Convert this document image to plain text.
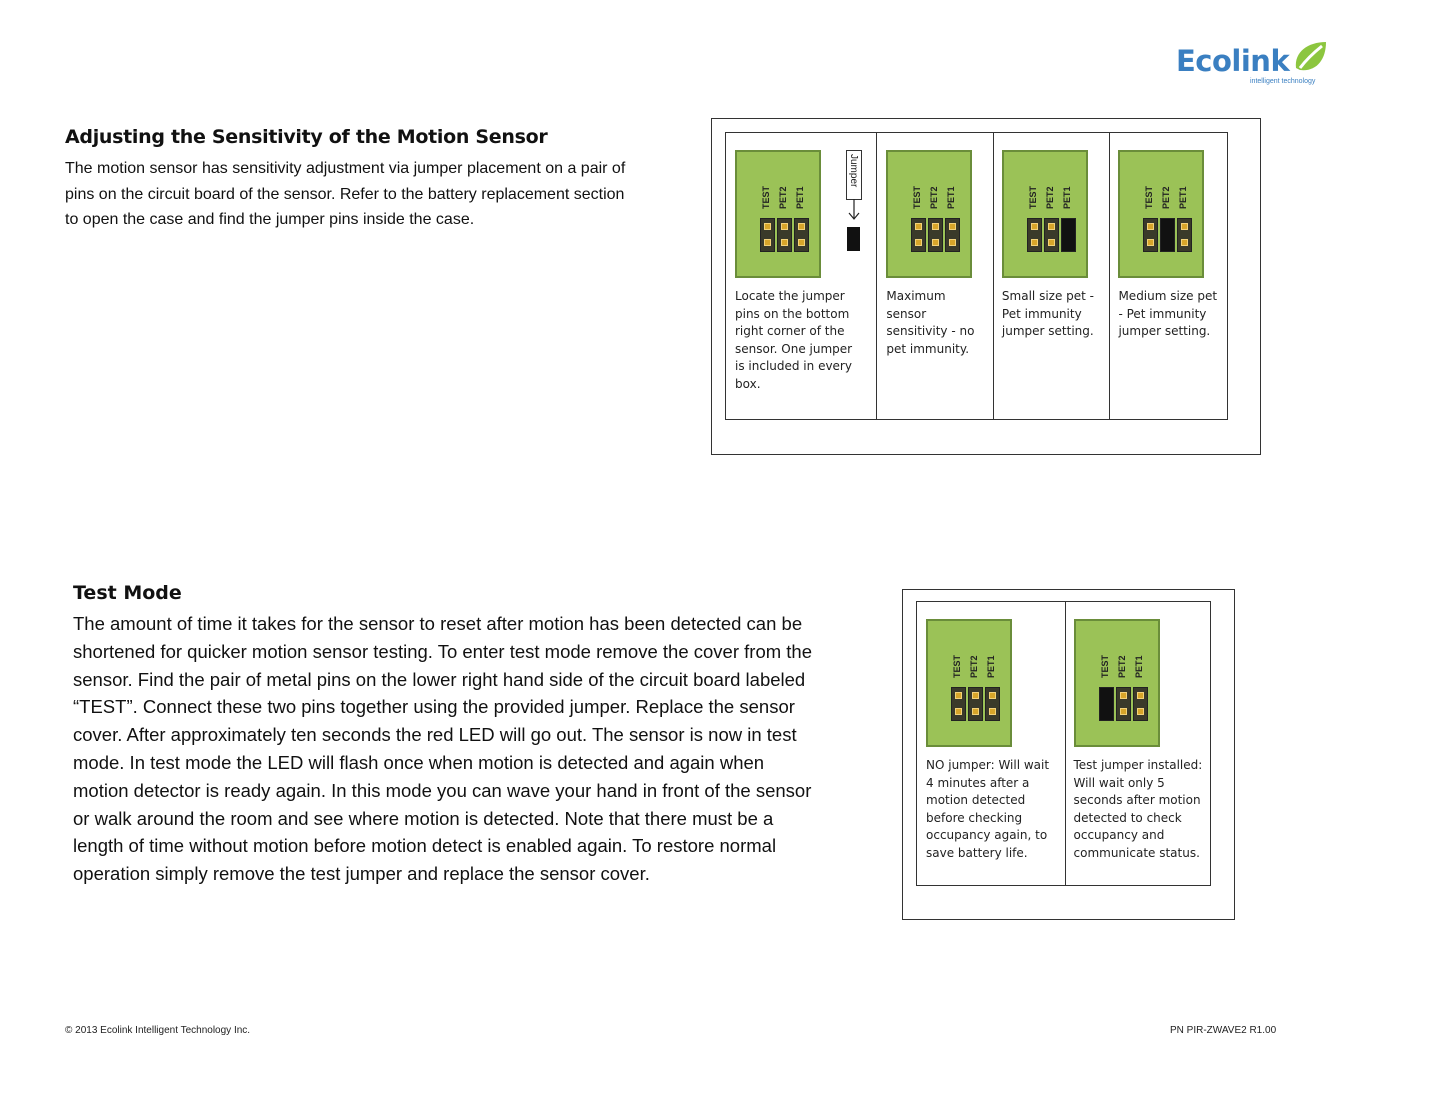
Ecolink
intelligent technology
Adjusting the Sensitivity of the Motion Sensor
The motion sensor has sensitivity adjustment via jumper placement on a pair of pins on the circuit board of the sensor. Refer to the battery replacement section to open the case and find the jumper pins inside the case.
TEST PET2 PET1
Jumper
Locate the jumper pins on the bottom right corner of the sensor. One jumper is included in every box.
TEST PET2 PET1
Maximum sensor sensitivity - no pet immunity.
TEST PET2 PET1
Small size pet - Pet immunity jumper setting.
TEST PET2 PET1
Medium size pet - Pet immunity jumper setting.
Test Mode
The amount of time it takes for the sensor to reset after motion has been detected can be shortened for quicker motion sensor testing. To enter test mode remove the cover from the sensor. Find the pair of metal pins on the lower right hand side of the circuit board labeled “TEST”. Connect these two pins together using the provided jumper. Replace the sensor cover. After approximately ten seconds the red LED will go out. The sensor is now in test mode. In test mode the LED will flash once when motion is detected and again when motion detector is ready again. In this mode you can wave your hand in front of the sensor or walk around the room and see where motion is detected. Note that there must be a length of time without motion before motion detect is enabled again. To restore normal operation simply remove the test jumper and replace the sensor cover.
TEST PET2 PET1
NO jumper: Will wait 4 minutes after a motion detected before checking occupancy again, to save battery life.
TEST PET2 PET1
Test jumper installed: Will wait only 5 seconds after motion detected to check occupancy and communicate status.
© 2013 Ecolink Intelligent Technology Inc.	PN PIR-ZWAVE2 R1.00
